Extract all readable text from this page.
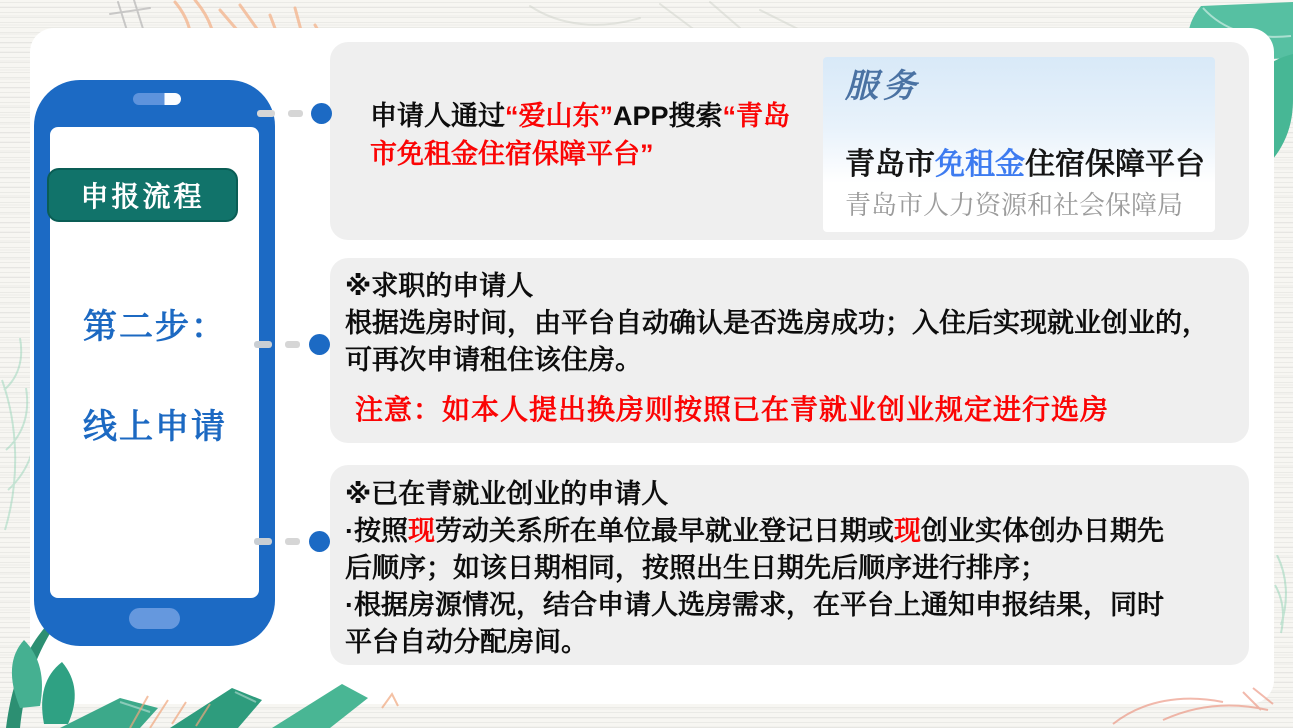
申报流程
第二步：
线上申请
申请人通过“爱山东”APP搜索“青岛
市免租金住宿保障平台”
服务
青岛市免租金住宿保障平台
青岛市人力资源和社会保障局
※求职的申请人
根据选房时间，由平台自动确认是否选房成功；入住后实现就业创业的，
可再次申请租住该住房。
注意：如本人提出换房则按照已在青就业创业规定进行选房
※已在青就业创业的申请人
·按照现劳动关系所在单位最早就业登记日期或现创业实体创办日期先
后顺序；如该日期相同，按照出生日期先后顺序进行排序；
·根据房源情况，结合申请人选房需求，在平台上通知申报结果，同时
平台自动分配房间。
